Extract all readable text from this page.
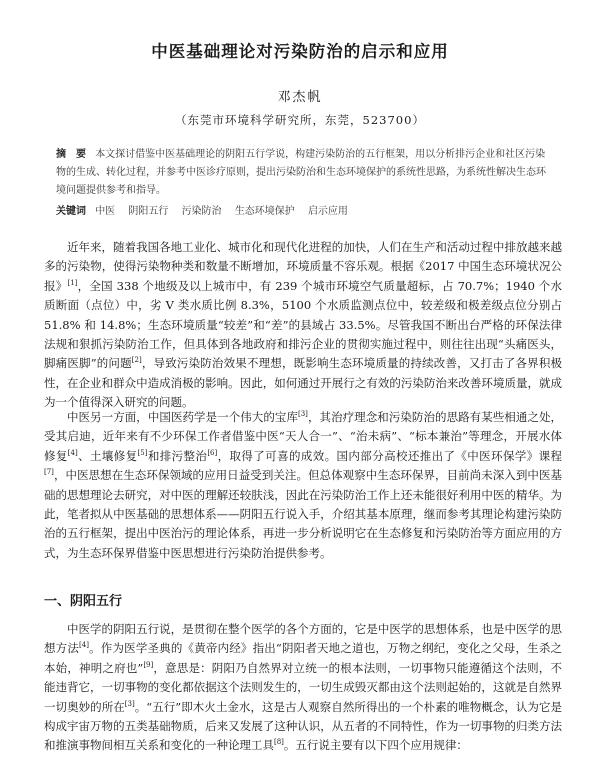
中医基础理论对污染防治的启示和应用
邓杰帆
（东莞市环境科学研究所，东莞，523700）
摘　要 本文探讨借鉴中医基础理论的阴阳五行学说，构建污染防治的五行框架，用以分析排污企业和社区污染物的生成、转化过程，并参考中医诊疗原则，提出污染防治和生态环境保护的系统性思路，为系统性解决生态环境问题提供参考和指导。
关键词 中医 阴阳五行 污染防治 生态环境保护 启示应用

近年来，随着我国各地工业化、城市化和现代化进程的加快，人们在生产和活动过程中排放越来越多的污染物，使得污染物种类和数量不断增加，环境质量不容乐观。根据《2017 中国生态环境状况公报》[1]，全国 338 个地级及以上城市中，有 239 个城市环境空气质量超标，占 70.7%；1940 个水质断面（点位）中，劣 V 类水质比例 8.3%，5100 个水质监测点位中，较差级和极差级点位分别占 51.8% 和 14.8%；生态环境质量“较差”和“差”的县域占 33.5%。尽管我国不断出台严格的环保法律法规和狠抓污染防治工作，但具体到各地政府和排污企业的贯彻实施过程中，则往往出现“头痛医头，脚痛医脚”的问题[2]，导致污染防治效果不理想，既影响生态环境质量的持续改善，又打击了各界积极性，在企业和群众中造成消极的影响。因此，如何通过开展行之有效的污染防治来改善环境质量，就成为一个值得深入研究的问题。

中医另一方面，中国医药学是一个伟大的宝库[3]，其治疗理念和污染防治的思路有某些相通之处，受其启迪，近年来有不少环保工作者借鉴中医“天人合一”、“治未病”、“标本兼治”等理念，开展水体修复[4]、土壤修复[5]和排污整治[6]，取得了可喜的成效。国内部分高校还推出了《中医环保学》课程[7]，中医思想在生态环保领域的应用日益受到关注。但总体观察中生态环保界，目前尚未深入到中医基础的思想理论去研究，对中医的理解还较肤浅，因此在污染防治工作上还未能很好利用中医的精华。为此，笔者拟从中医基础的思想体系——阴阳五行说入手，介绍其基本原理，继而参考其理论构建污染防治的五行框架，提出中医治污的理论体系，再进一步分析说明它在生态修复和污染防治等方面应用的方式，为生态环保界借鉴中医思想进行污染防治提供参考。

一、阴阳五行

中医学的阴阳五行说，是贯彻在整个医学的各个方面的，它是中医学的思想体系，也是中医学的思想方法[4]。作为医学圣典的《黄帝内经》指出“阴阳者天地之道也，万物之纲纪，变化之父母，生杀之本始，神明之府也”[9]，意思是：阴阳乃自然界对立统一的根本法则，一切事物只能遵循这个法则，不能违背它，一切事物的变化都依据这个法则发生的，一切生成毁灭都由这个法则起始的，这就是自然界一切奥妙的所在[3]。“五行”即木火土金水，这是古人观察自然所得出的一个朴素的唯物概念，认为它是构成宇宙万物的五类基础物质，后来又发展了这种认识，从五者的不同特性，作为一切事物的归类方法和推演事物间相互关系和变化的一种论理工具[8]。五行说主要有以下四个应用规律：
